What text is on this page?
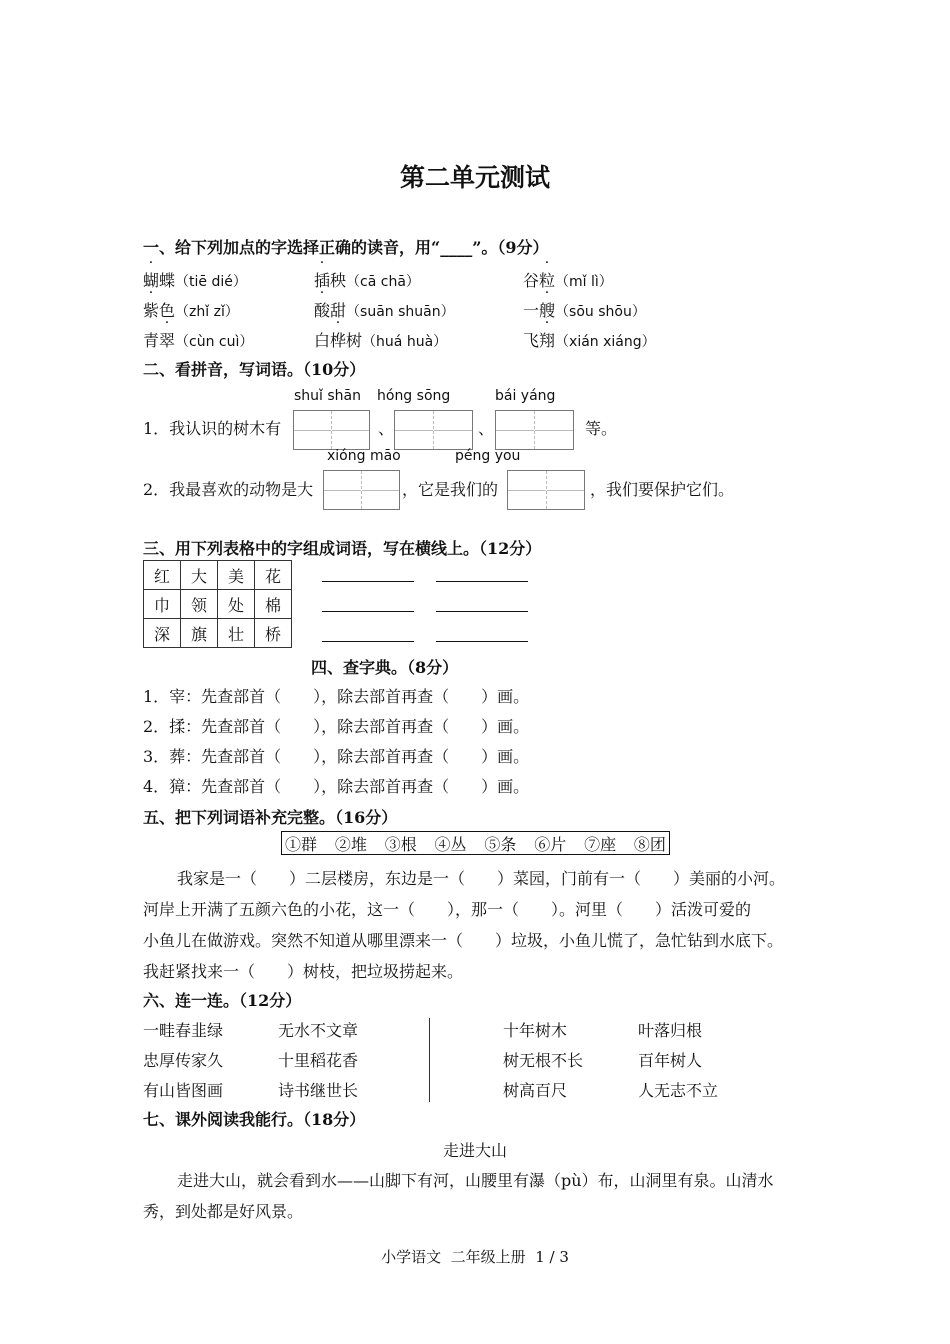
第二单元测试
一、给下列加点的字选择正确的读音，用“____”。（9分）
蝴蝶（tiē dié）	插秧（cā chā）	谷粒（mǐ lì）
紫色（zhǐ zǐ）	酸甜（suān shuān）	一艘（sōu shōu）
青翠（cùn cuì）	白桦树（huá huà）	飞翔（xián xiáng）
二、看拼音，写词语。（10分）
shuǐ shān hóng sōng	bái yáng
1．我认识的树木有	、	、	等。
xióng māo	péng you
2．我最喜欢的动物是大	，它是我们的	，我们要保护它们。
三、用下列表格中的字组成词语，写在横线上。（12分）
红	大	美	花
巾	领	处	棉
深	旗	壮	桥
四、查字典。（8分）
1．宰：先查部首（　　），除去部首再查（　　）画。
2．揉：先查部首（　　），除去部首再查（　　）画。
3．葬：先查部首（　　），除去部首再查（　　）画。
4．獐：先查部首（　　），除去部首再查（　　）画。
五、把下列词语补充完整。（16分）
①群 ②堆 ③根 ④丛 ⑤条 ⑥片 ⑦座 ⑧团
我家是一（　　）二层楼房，东边是一（　　）菜园，门前有一（　　）美丽的小河。
河岸上开满了五颜六色的小花，这一（　　），那一（　　）。河里（　　）活泼可爱的
小鱼儿在做游戏。突然不知道从哪里漂来一（　　）垃圾，小鱼儿慌了，急忙钻到水底下。
我赶紧找来一（　　）树枝，把垃圾捞起来。
六、连一连。（12分）
一畦春韭绿	无水不文章
忠厚传家久	十里稻花香
有山皆图画	诗书继世长
十年树木	叶落归根
树无根不长	百年树人
树高百尺	人无志不立
七、课外阅读我能行。（18分）
走进大山
走进大山，就会看到水——山脚下有河，山腰里有瀑（pù）布，山洞里有泉。山清水
秀，到处都是好风景。
小学语文  二年级上册  1 / 3
